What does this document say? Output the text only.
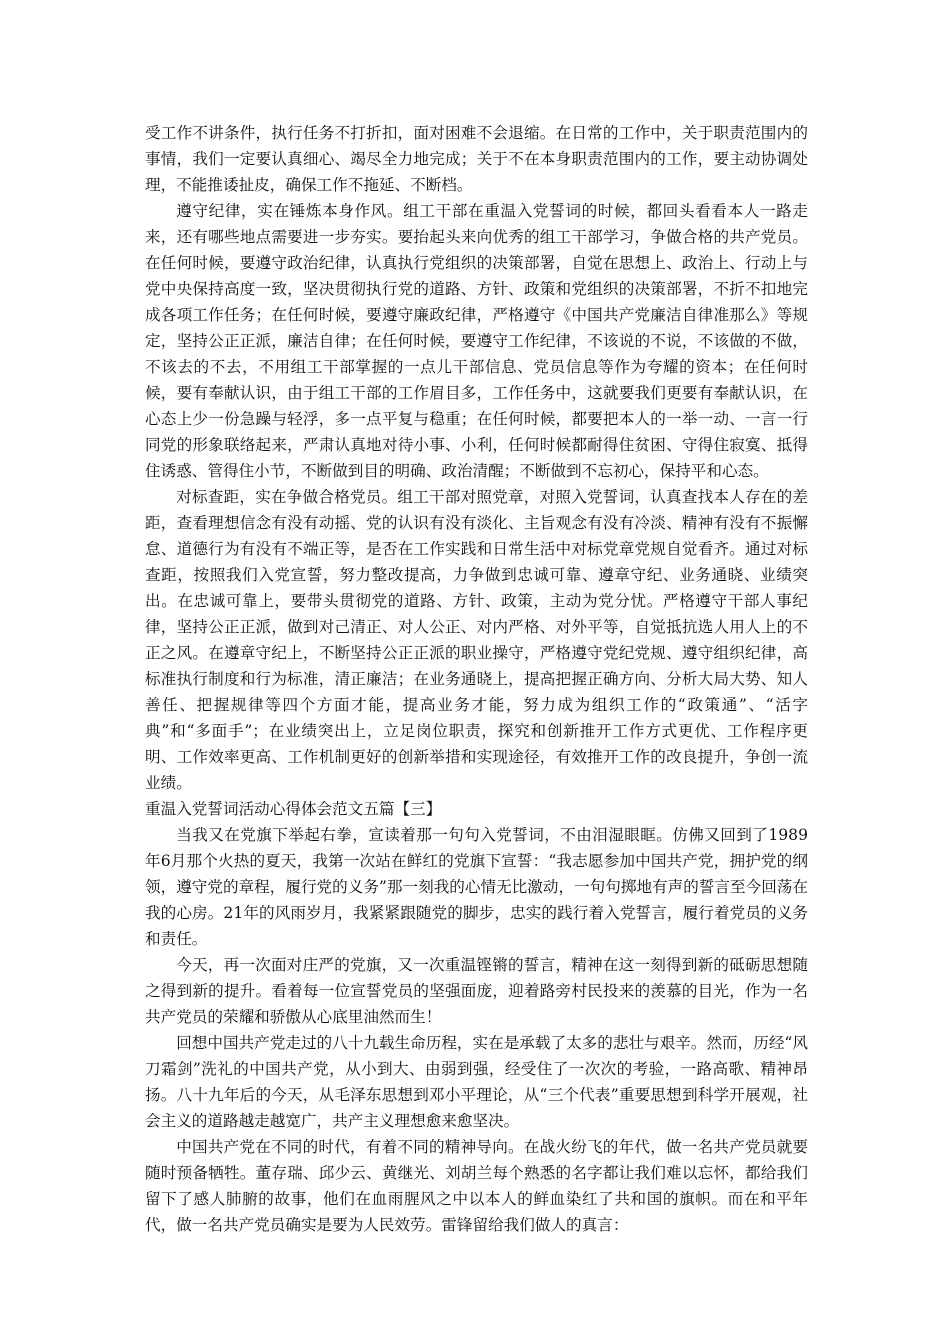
受工作不讲条件，执行任务不打折扣，面对困难不会退缩。在日常的工作中，关于职责范围内的事情，我们一定要认真细心、竭尽全力地完成；关于不在本身职责范围内的工作，要主动协调处理，不能推诿扯皮，确保工作不拖延、不断档。

遵守纪律，实在锤炼本身作风。组工干部在重温入党誓词的时候，都回头看看本人一路走来，还有哪些地点需要进一步夯实。要抬起头来向优秀的组工干部学习，争做合格的共产党员。在任何时候，要遵守政治纪律，认真执行党组织的决策部署，自觉在思想上、政治上、行动上与党中央保持高度一致，坚决贯彻执行党的道路、方针、政策和党组织的决策部署，不折不扣地完成各项工作任务；在任何时候，要遵守廉政纪律，严格遵守《中国共产党廉洁自律准那么》等规定，坚持公正正派，廉洁自律；在任何时候，要遵守工作纪律，不该说的不说，不该做的不做，不该去的不去，不用组工干部掌握的一点儿干部信息、党员信息等作为夸耀的资本；在任何时候，要有奉献认识，由于组工干部的工作眉目多，工作任务中，这就要我们更要有奉献认识，在心态上少一份急躁与轻浮，多一点平复与稳重；在任何时候，都要把本人的一举一动、一言一行同党的形象联络起来，严肃认真地对待小事、小利，任何时候都耐得住贫困、守得住寂寞、抵得住诱惑、管得住小节，不断做到目的明确、政治清醒；不断做到不忘初心，保持平和心态。

对标查距，实在争做合格党员。组工干部对照党章，对照入党誓词，认真查找本人存在的差距，查看理想信念有没有动摇、党的认识有没有淡化、主旨观念有没有冷淡、精神有没有不振懈怠、道德行为有没有不端正等，是否在工作实践和日常生活中对标党章党规自觉看齐。通过对标查距，按照我们入党宣誓，努力整改提高，力争做到忠诚可靠、遵章守纪、业务通晓、业绩突出。在忠诚可靠上，要带头贯彻党的道路、方针、政策，主动为党分忧。严格遵守干部人事纪律，坚持公正正派，做到对己清正、对人公正、对内严格、对外平等，自觉抵抗选人用人上的不正之风。在遵章守纪上，不断坚持公正正派的职业操守，严格遵守党纪党规、遵守组织纪律，高标准执行制度和行为标准，清正廉洁；在业务通晓上，提高把握正确方向、分析大局大势、知人善任、把握规律等四个方面才能，提高业务才能，努力成为组织工作的“政策通”、“活字典”和“多面手”；在业绩突出上，立足岗位职责，探究和创新推开工作方式更优、工作程序更明、工作效率更高、工作机制更好的创新举措和实现途径，有效推开工作的改良提升，争创一流业绩。

重温入党誓词活动心得体会范文五篇【三】

当我又在党旗下举起右拳，宣读着那一句句入党誓词，不由泪湿眼眶。仿佛又回到了1989年6月那个火热的夏天，我第一次站在鲜红的党旗下宣誓：“我志愿参加中国共产党，拥护党的纲领，遵守党的章程，履行党的义务”那一刻我的心情无比激动，一句句掷地有声的誓言至今回荡在我的心房。21年的风雨岁月，我紧紧跟随党的脚步，忠实的践行着入党誓言，履行着党员的义务和责任。

今天，再一次面对庄严的党旗，又一次重温铿锵的誓言，精神在这一刻得到新的砥砺思想随之得到新的提升。看着每一位宣誓党员的坚强面庞，迎着路旁村民投来的羡慕的目光，作为一名共产党员的荣耀和骄傲从心底里油然而生！

回想中国共产党走过的八十九载生命历程，实在是承载了太多的悲壮与艰辛。然而，历经“风刀霜剑”洗礼的中国共产党，从小到大、由弱到强，经受住了一次次的考验，一路高歌、精神昂扬。八十九年后的今天，从毛泽东思想到邓小平理论，从“三个代表”重要思想到科学开展观，社会主义的道路越走越宽广，共产主义理想愈来愈坚决。

中国共产党在不同的时代，有着不同的精神导向。在战火纷飞的年代，做一名共产党员就要随时预备牺牲。董存瑞、邱少云、黄继光、刘胡兰每个熟悉的名字都让我们难以忘怀，都给我们留下了感人肺腑的故事，他们在血雨腥风之中以本人的鲜血染红了共和国的旗帜。而在和平年代，做一名共产党员确实是要为人民效劳。雷锋留给我们做人的真言：
